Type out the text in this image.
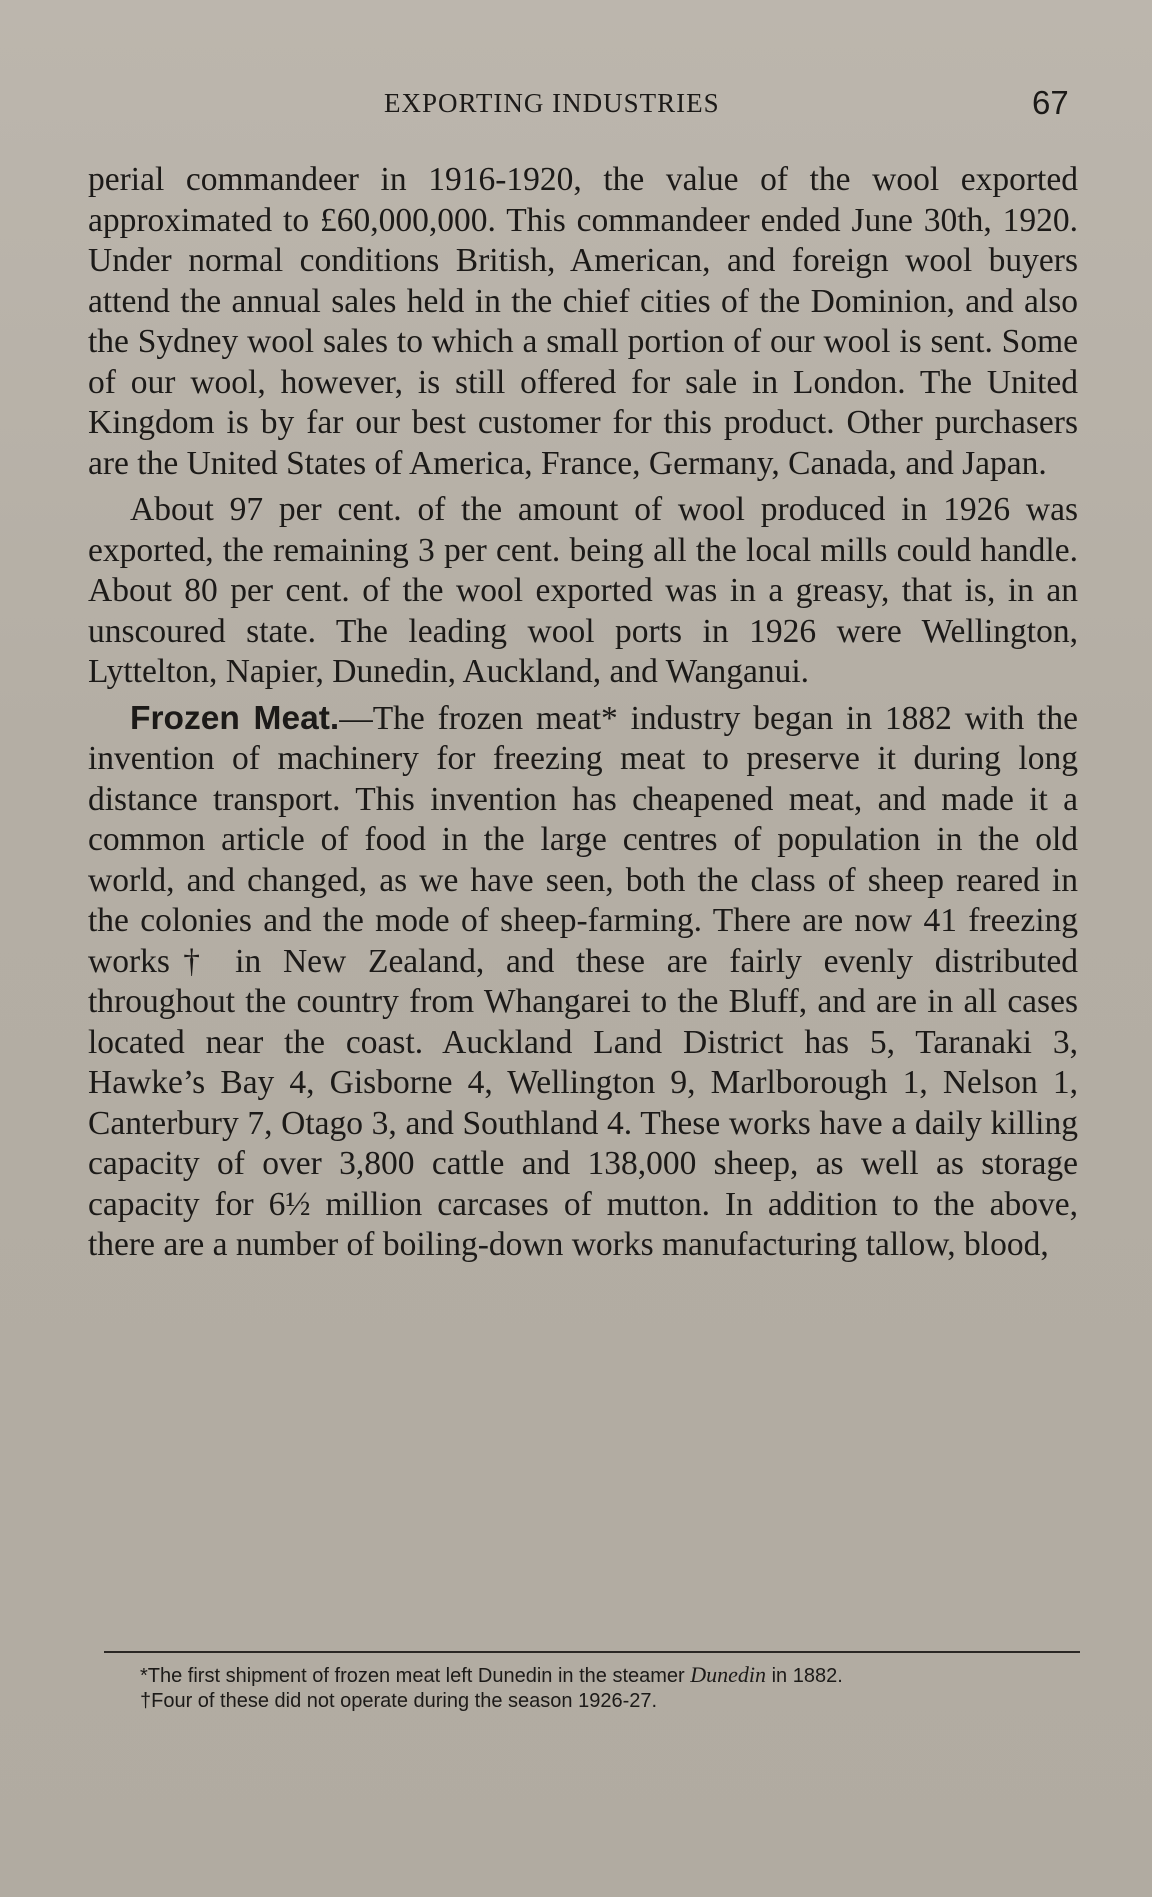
EXPORTING INDUSTRIES	67

perial commandeer in 1916-1920, the value of the wool exported approximated to £60,000,000. This commandeer ended June 30th, 1920. Under normal conditions British, American, and foreign wool buyers attend the annual sales held in the chief cities of the Dominion, and also the Sydney wool sales to which a small portion of our wool is sent. Some of our wool, however, is still offered for sale in London. The United Kingdom is by far our best customer for this product. Other purchasers are the United States of America, France, Germany, Canada, and Japan.

About 97 per cent. of the amount of wool produced in 1926 was exported, the remaining 3 per cent. being all the local mills could handle. About 80 per cent. of the wool exported was in a greasy, that is, in an unscoured state. The leading wool ports in 1926 were Wellington, Lyttelton, Napier, Dunedin, Auckland, and Wanganui.

Frozen Meat.—The frozen meat* industry began in 1882 with the invention of machinery for freezing meat to preserve it during long distance transport. This invention has cheapened meat, and made it a common article of food in the large centres of population in the old world, and changed, as we have seen, both the class of sheep reared in the colonies and the mode of sheep-farming. There are now 41 freezing works† in New Zealand, and these are fairly evenly distributed throughout the country from Whangarei to the Bluff, and are in all cases located near the coast. Auckland Land District has 5, Taranaki 3, Hawke’s Bay 4, Gisborne 4, Wellington 9, Marlborough 1, Nelson 1, Canterbury 7, Otago 3, and Southland 4. These works have a daily killing capacity of over 3,800 cattle and 138,000 sheep, as well as storage capacity for 6½ million carcases of mutton. In addition to the above, there are a number of boiling-down works manufacturing tallow, blood,

*The first shipment of frozen meat left Dunedin in the steamer Dunedin in 1882.

†Four of these did not operate during the season 1926-27.
